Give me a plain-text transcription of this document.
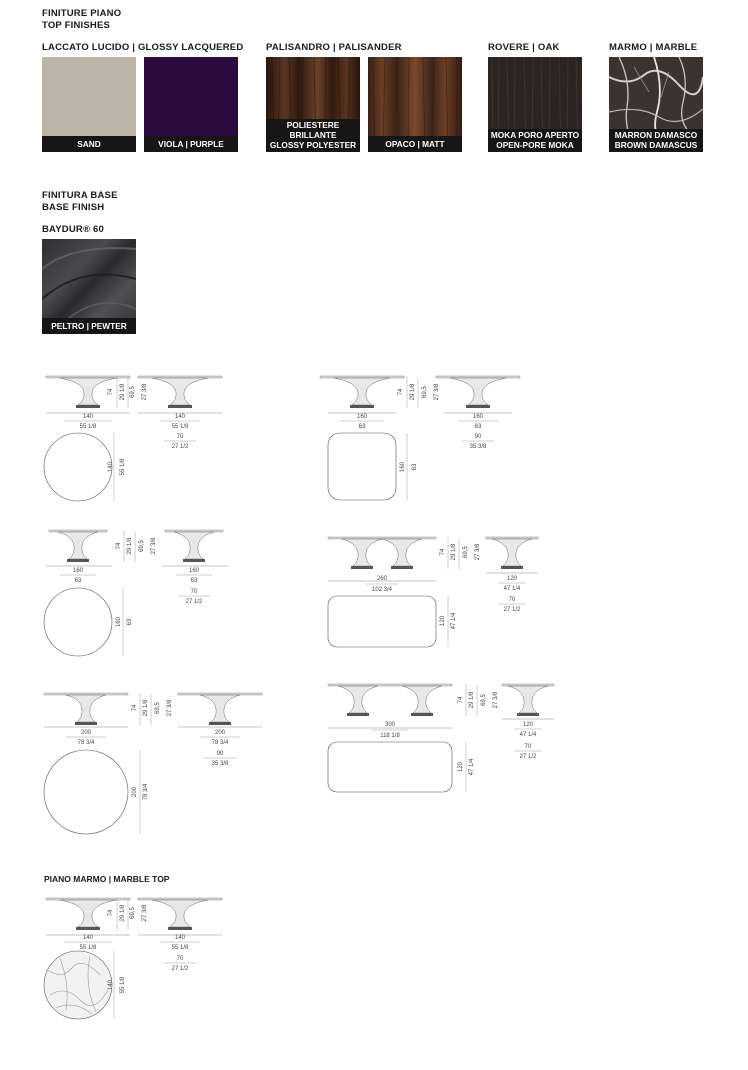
FINITURE PIANO
TOP FINISHES
LACCATO LUCIDO | GLOSSY LACQUERED PALISANDRO | PALISANDER	ROVERE | OAK	MARMO | MARBLE
SAND	VIOLA | PURPLE
POLIESTERE BRILLANTE
GLOSSY POLYESTER	OPACO | MATT
MOKA PORO APERTO
OPEN-PORE MOKA
MARRON DAMASCO
BROWN DAMASCUS
FINITURA BASE
BASE FINISH
BAYDUR® 60
PELTRO | PEWTER
140
55 1/8
74 29 1/8 69,5 27 3/8
140
55 1/8
70
27 1/2
140 55 1/8
160
63
74 29 1/8 69,5 27 3/8
160
63
90
35 3/8
160 63
160
63
74 29 1/8 69,5 27 3/8
160
63
70
27 1/2
160 63
260
102 3/4
74 29 1/8 69,5 27 3/8
120
47 1/4
70
27 1/2
120 47 1/4
200
78 3/4
74 29 1/8 69,5 27 3/8
200
78 3/4
90
35 3/8
200 78 3/4
300
118 1/8
74 29 1/8 69,5 27 3/8
120
47 1/4
70
27 1/2
120 47 1/4
140
55 1/8
74 29 1/8 69,5 27 3/8
140
55 1/8
70
27 1/2
140 55 1/8
PIANO MARMO | MARBLE TOP
